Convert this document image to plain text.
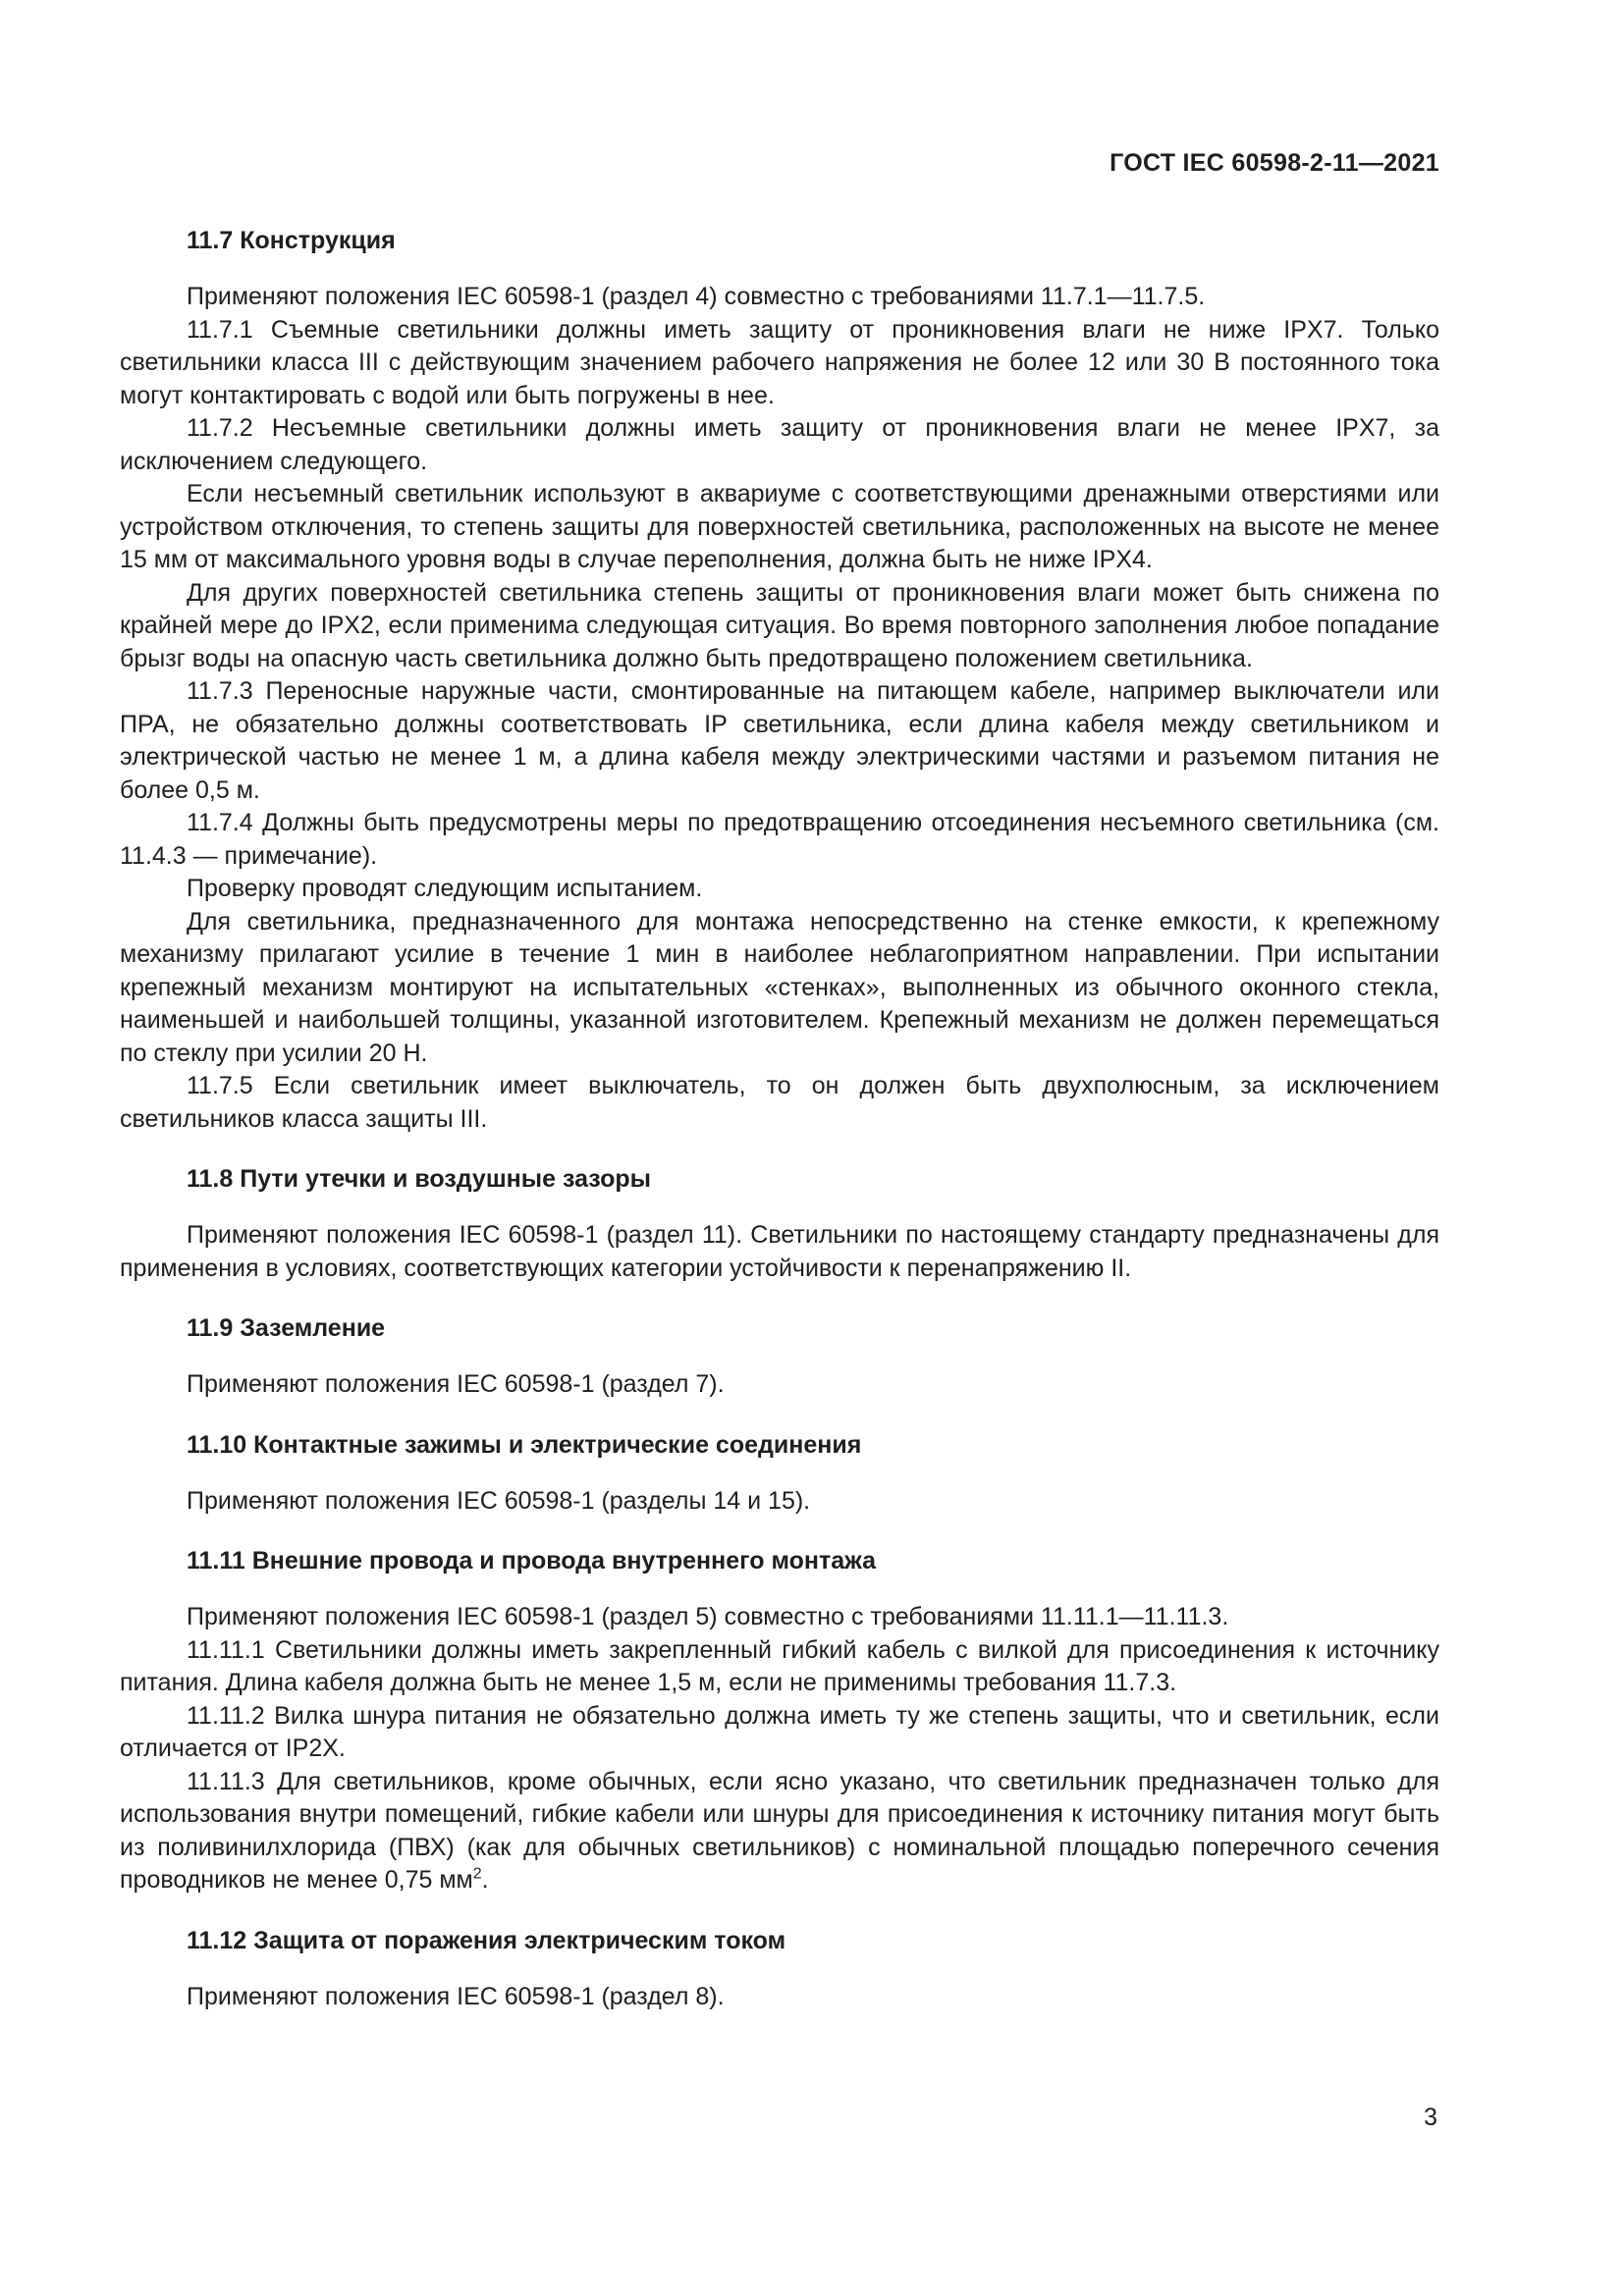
ГОСТ IEC 60598-2-11—2021
11.7 Конструкция

Применяют положения IEC 60598-1 (раздел 4) совместно с требованиями 11.7.1—11.7.5.

11.7.1 Съемные светильники должны иметь защиту от проникновения влаги не ниже IPX7. Только светильники класса III с действующим значением рабочего напряжения не более 12 или 30 В постоянного тока могут контактировать с водой или быть погружены в нее.

11.7.2 Несъемные светильники должны иметь защиту от проникновения влаги не менее IPX7, за исключением следующего.

Если несъемный светильник используют в аквариуме с соответствующими дренажными отверстиями или устройством отключения, то степень защиты для поверхностей светильника, расположенных на высоте не менее 15 мм от максимального уровня воды в случае переполнения, должна быть не ниже IPX4.

Для других поверхностей светильника степень защиты от проникновения влаги может быть снижена по крайней мере до IPX2, если применима следующая ситуация. Во время повторного заполнения любое попадание брызг воды на опасную часть светильника должно быть предотвращено положением светильника.

11.7.3 Переносные наружные части, смонтированные на питающем кабеле, например выключатели или ПРА, не обязательно должны соответствовать IP светильника, если длина кабеля между светильником и электрической частью не менее 1 м, а длина кабеля между электрическими частями и разъемом питания не более 0,5 м.

11.7.4 Должны быть предусмотрены меры по предотвращению отсоединения несъемного светильника (см. 11.4.3 — примечание).

Проверку проводят следующим испытанием.

Для светильника, предназначенного для монтажа непосредственно на стенке емкости, к крепежному механизму прилагают усилие в течение 1 мин в наиболее неблагоприятном направлении. При испытании крепежный механизм монтируют на испытательных «стенках», выполненных из обычного оконного стекла, наименьшей и наибольшей толщины, указанной изготовителем. Крепежный механизм не должен перемещаться по стеклу при усилии 20 Н.

11.7.5 Если светильник имеет выключатель, то он должен быть двухполюсным, за исключением светильников класса защиты III.

11.8 Пути утечки и воздушные зазоры

Применяют положения IEC 60598-1 (раздел 11). Светильники по настоящему стандарту предназначены для применения в условиях, соответствующих категории устойчивости к перенапряжению II.

11.9 Заземление

Применяют положения IEC 60598-1 (раздел 7).

11.10 Контактные зажимы и электрические соединения

Применяют положения IEC 60598-1 (разделы 14 и 15).

11.11 Внешние провода и провода внутреннего монтажа

Применяют положения IEC 60598-1 (раздел 5) совместно с требованиями 11.11.1—11.11.3.

11.11.1 Светильники должны иметь закрепленный гибкий кабель с вилкой для присоединения к источнику питания. Длина кабеля должна быть не менее 1,5 м, если не применимы требования 11.7.3.

11.11.2 Вилка шнура питания не обязательно должна иметь ту же степень защиты, что и светильник, если отличается от IP2X.

11.11.3 Для светильников, кроме обычных, если ясно указано, что светильник предназначен только для использования внутри помещений, гибкие кабели или шнуры для присоединения к источнику питания могут быть из поливинилхлорида (ПВХ) (как для обычных светильников) с номинальной площадью поперечного сечения проводников не менее 0,75 $мм^2$.

11.12 Защита от поражения электрическим током

Применяют положения IEC 60598-1 (раздел 8).

3
